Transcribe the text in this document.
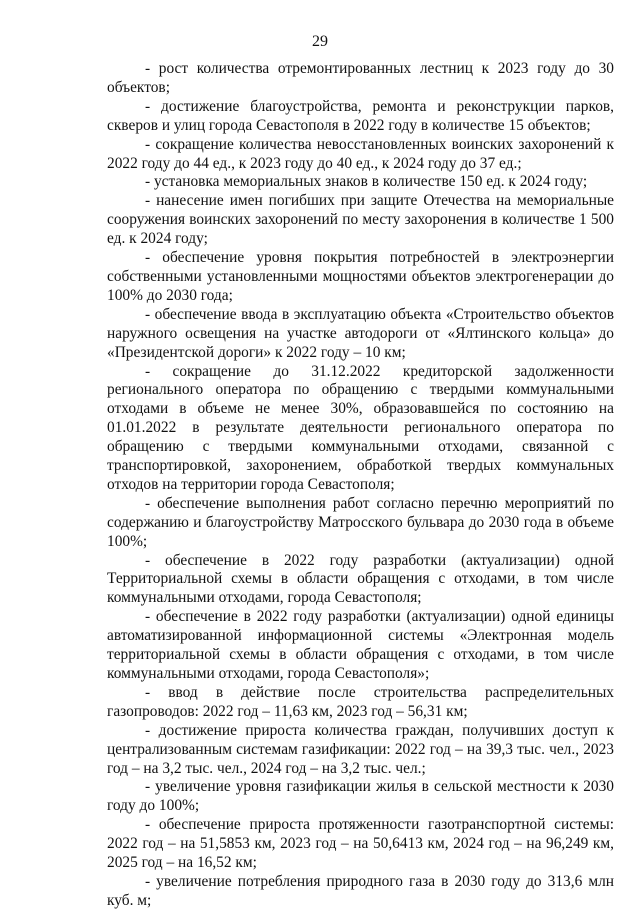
29

- рост количества отремонтированных лестниц к 2023 году до 30 объектов;

- достижение благоустройства, ремонта и реконструкции парков, скверов и улиц города Севастополя в 2022 году в количестве 15 объектов;

- сокращение количества невосстановленных воинских захоронений к 2022 году до 44 ед., к 2023 году до 40 ед., к 2024 году до 37 ед.;

- установка мемориальных знаков в количестве 150 ед. к 2024 году;

- нанесение имен погибших при защите Отечества на мемориальные сооружения воинских захоронений по месту захоронения в количестве 1 500 ед. к 2024 году;

- обеспечение уровня покрытия потребностей в электроэнергии собственными установленными мощностями объектов электрогенерации до 100% до 2030 года;

- обеспечение ввода в эксплуатацию объекта «Строительство объектов наружного освещения на участке автодороги от «Ялтинского кольца» до «Президентской дороги» к 2022 году – 10 км;

- сокращение до 31.12.2022 кредиторской задолженности регионального оператора по обращению с твердыми коммунальными отходами в объеме не менее 30%, образовавшейся по состоянию на 01.01.2022 в результате деятельности регионального оператора по обращению с твердыми коммунальными отходами, связанной с транспортировкой, захоронением, обработкой твердых коммунальных отходов на территории города Севастополя;

- обеспечение выполнения работ согласно перечню мероприятий по содержанию и благоустройству Матросского бульвара до 2030 года в объеме 100%;

- обеспечение в 2022 году разработки (актуализации) одной Территориальной схемы в области обращения с отходами, в том числе коммунальными отходами, города Севастополя;

- обеспечение в 2022 году разработки (актуализации) одной единицы автоматизированной информационной системы «Электронная модель территориальной схемы в области обращения с отходами, в том числе коммунальными отходами, города Севастополя»;

- ввод в действие после строительства распределительных газопроводов: 2022 год – 11,63 км, 2023 год – 56,31 км;

- достижение прироста количества граждан, получивших доступ к централизованным системам газификации: 2022 год – на 39,3 тыс. чел., 2023 год – на 3,2 тыс. чел., 2024 год – на 3,2 тыс. чел.;

- увеличение уровня газификации жилья в сельской местности к 2030 году до 100%;

- обеспечение прироста протяженности газотранспортной системы: 2022 год – на 51,5853 км, 2023 год – на 50,6413 км, 2024 год – на 96,249 км, 2025 год – на 16,52 км;

- увеличение потребления природного газа в 2030 году до 313,6 млн куб. м;
